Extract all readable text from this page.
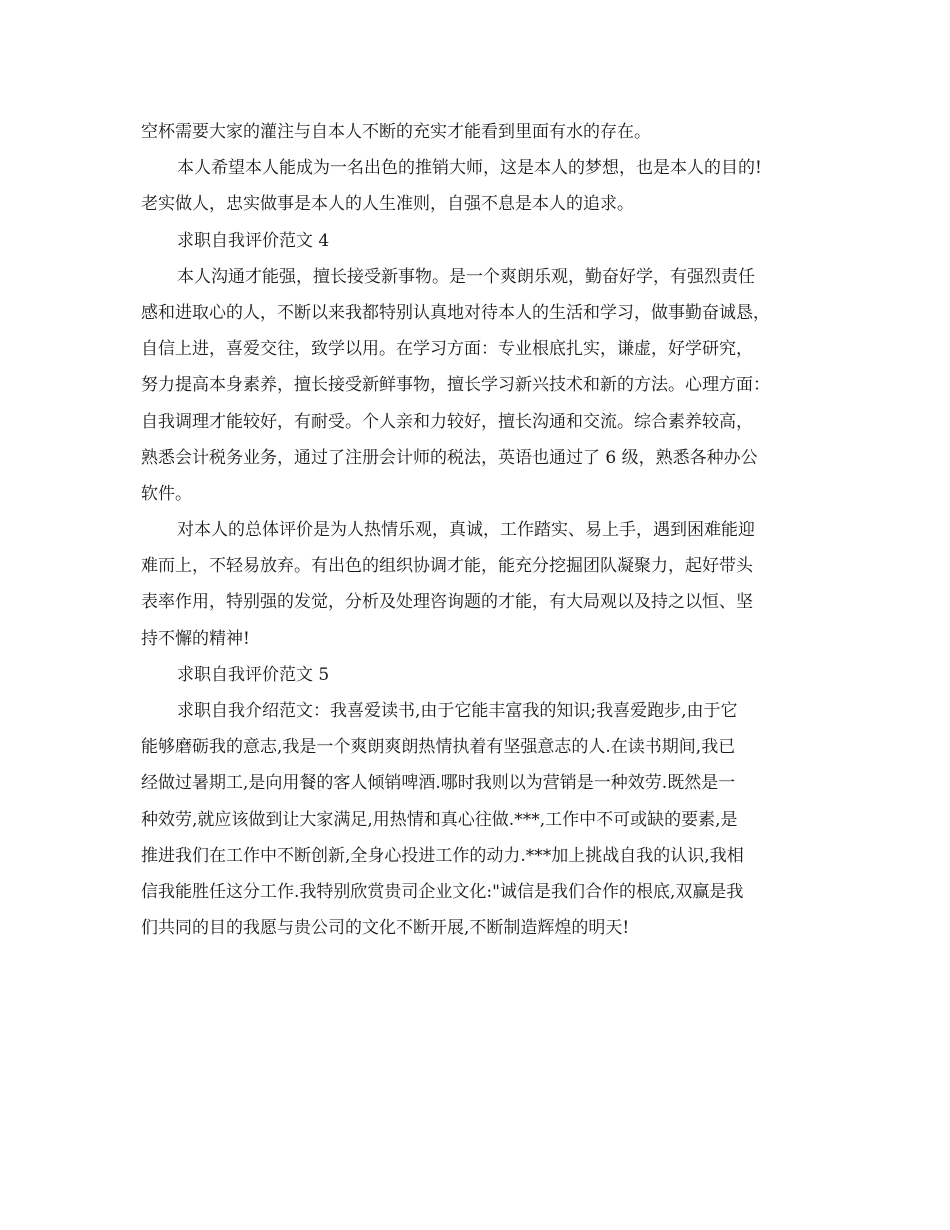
空杯需要大家的灌注与自本人不断的充实才能看到里面有水的存在。
本人希望本人能成为一名出色的推销大师，这是本人的梦想，也是本人的目的!
老实做人，忠实做事是本人的人生准则，自强不息是本人的追求。
求职自我评价范文 4
本人沟通才能强，擅长接受新事物。是一个爽朗乐观，勤奋好学，有强烈责任
感和进取心的人，不断以来我都特别认真地对待本人的生活和学习，做事勤奋诚恳，
自信上进，喜爱交往，致学以用。在学习方面：专业根底扎实，谦虚，好学研究，
努力提高本身素养，擅长接受新鲜事物，擅长学习新兴技术和新的方法。心理方面：
自我调理才能较好，有耐受。个人亲和力较好，擅长沟通和交流。综合素养较高，
熟悉会计税务业务，通过了注册会计师的税法，英语也通过了 6 级，熟悉各种办公
软件。
对本人的总体评价是为人热情乐观，真诚，工作踏实、易上手，遇到困难能迎
难而上，不轻易放弃。有出色的组织协调才能，能充分挖掘团队凝聚力，起好带头
表率作用，特别强的发觉，分析及处理咨询题的才能，有大局观以及持之以恒、坚
持不懈的精神!
求职自我评价范文 5
求职自我介绍范文：我喜爱读书,由于它能丰富我的知识;我喜爱跑步,由于它
能够磨砺我的意志,我是一个爽朗爽朗热情执着有坚强意志的人.在读书期间,我已
经做过暑期工,是向用餐的客人倾销啤酒.哪时我则以为营销是一种效劳.既然是一
种效劳,就应该做到让大家满足,用热情和真心往做.***,工作中不可或缺的要素,是
推进我们在工作中不断创新,全身心投进工作的动力.***加上挑战自我的认识,我相
信我能胜任这分工作.我特别欣赏贵司企业文化:"诚信是我们合作的根底,双赢是我
们共同的目的我愿与贵公司的文化不断开展,不断制造辉煌的明天!
